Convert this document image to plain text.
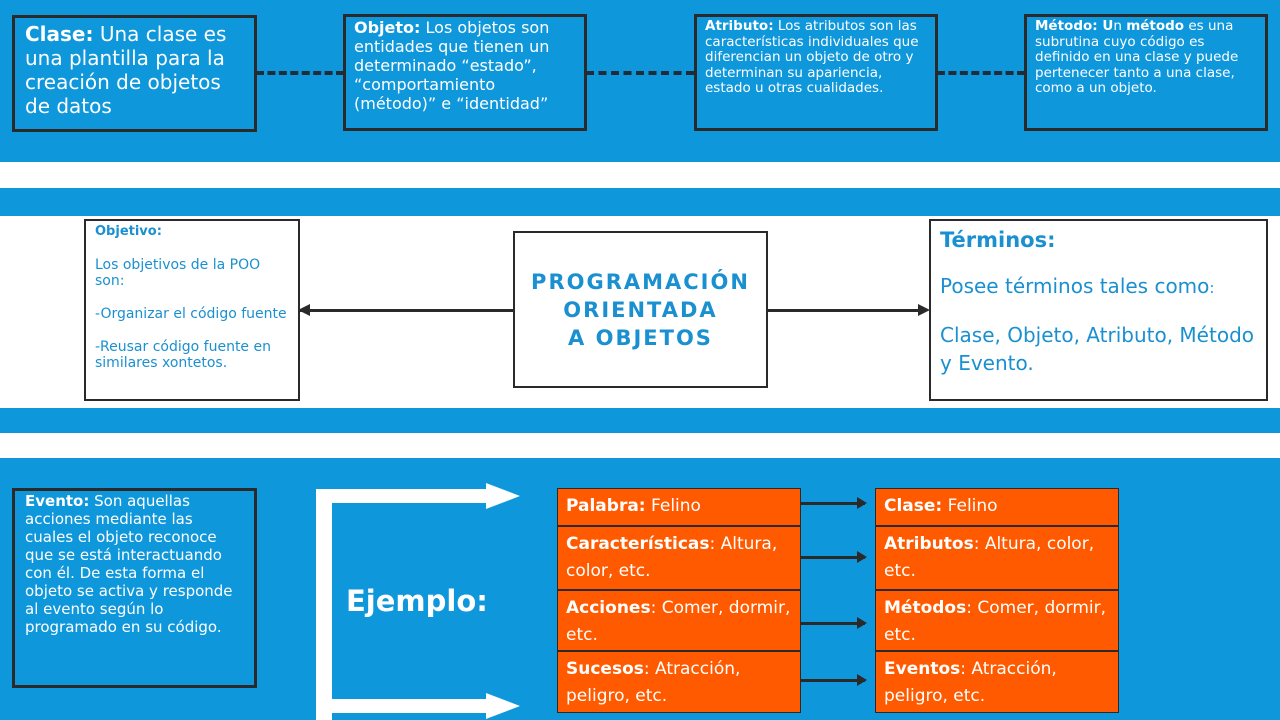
Clase: Una clase es una plantilla para la creación de objetos de datos
Objeto: Los objetos son entidades que tienen un determinado “estado”, “comportamiento (método)” e “identidad”
Atributo: Los atributos son las características individuales que diferencian un objeto de otro y determinan su apariencia, estado u otras cualidades.
Método: Un método es una subrutina cuyo código es definido en una clase y puede pertenecer tanto a una clase, como a un objeto.
Objetivo:
Los objetivos de la POO son:
-Organizar el código fuente
-Reusar código fuente en similares xontetos.
PROGRAMACIÓN
ORIENTADA
A OBJETOS
Términos:
Posee términos tales como:
Clase, Objeto, Atributo, Método y Evento.
Evento: Son aquellas acciones mediante las cuales el objeto reconoce que se está interactuando con él. De esta forma el objeto se activa y responde al evento según lo programado en su código.
Ejemplo:
Palabra: Felino
Características: Altura, color, etc.
Acciones: Comer, dormir, etc.
Sucesos: Atracción, peligro, etc.
Clase: Felino
Atributos: Altura, color, etc.
Métodos: Comer, dormir, etc.
Eventos: Atracción, peligro, etc.
